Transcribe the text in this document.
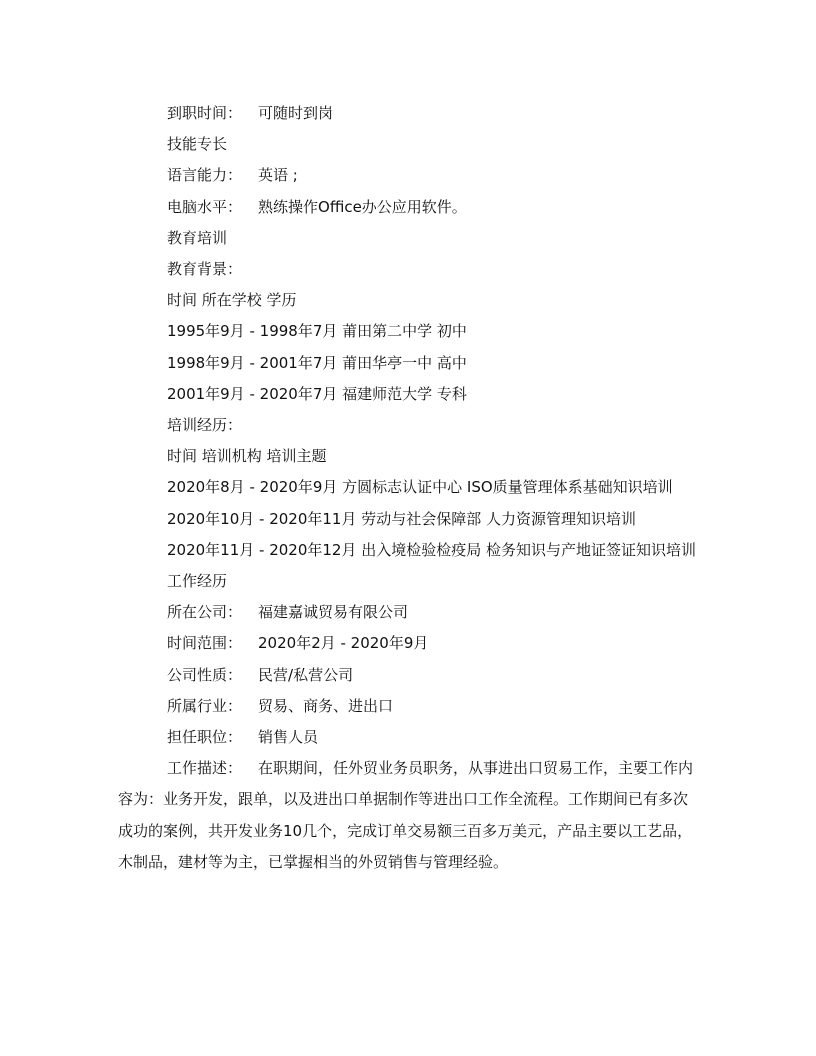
到职时间： 可随时到岗

技能专长

语言能力： 英语 ;

电脑水平： 熟练操作Office办公应用软件。

教育培训

教育背景：

时间 所在学校 学历

1995年9月 - 1998年7月 莆田第二中学 初中

1998年9月 - 2001年7月 莆田华亭一中 高中

2001年9月 - 2020年7月 福建师范大学 专科

培训经历：

时间 培训机构 培训主题

2020年8月 - 2020年9月 方圆标志认证中心 ISO质量管理体系基础知识培训

2020年10月 - 2020年11月 劳动与社会保障部 人力资源管理知识培训

2020年11月 - 2020年12月 出入境检验检疫局 检务知识与产地证签证知识培训

工作经历

所在公司： 福建嘉诚贸易有限公司

时间范围： 2020年2月 - 2020年9月

公司性质： 民营/私营公司

所属行业： 贸易、商务、进出口

担任职位： 销售人员

工作描述： 在职期间，任外贸业务员职务，从事进出口贸易工作，主要工作内容为：业务开发，跟单，以及进出口单据制作等进出口工作全流程。工作期间已有多次成功的案例，共开发业务10几个，完成订单交易额三百多万美元，产品主要以工艺品，木制品，建材等为主，已掌握相当的外贸销售与管理经验。
